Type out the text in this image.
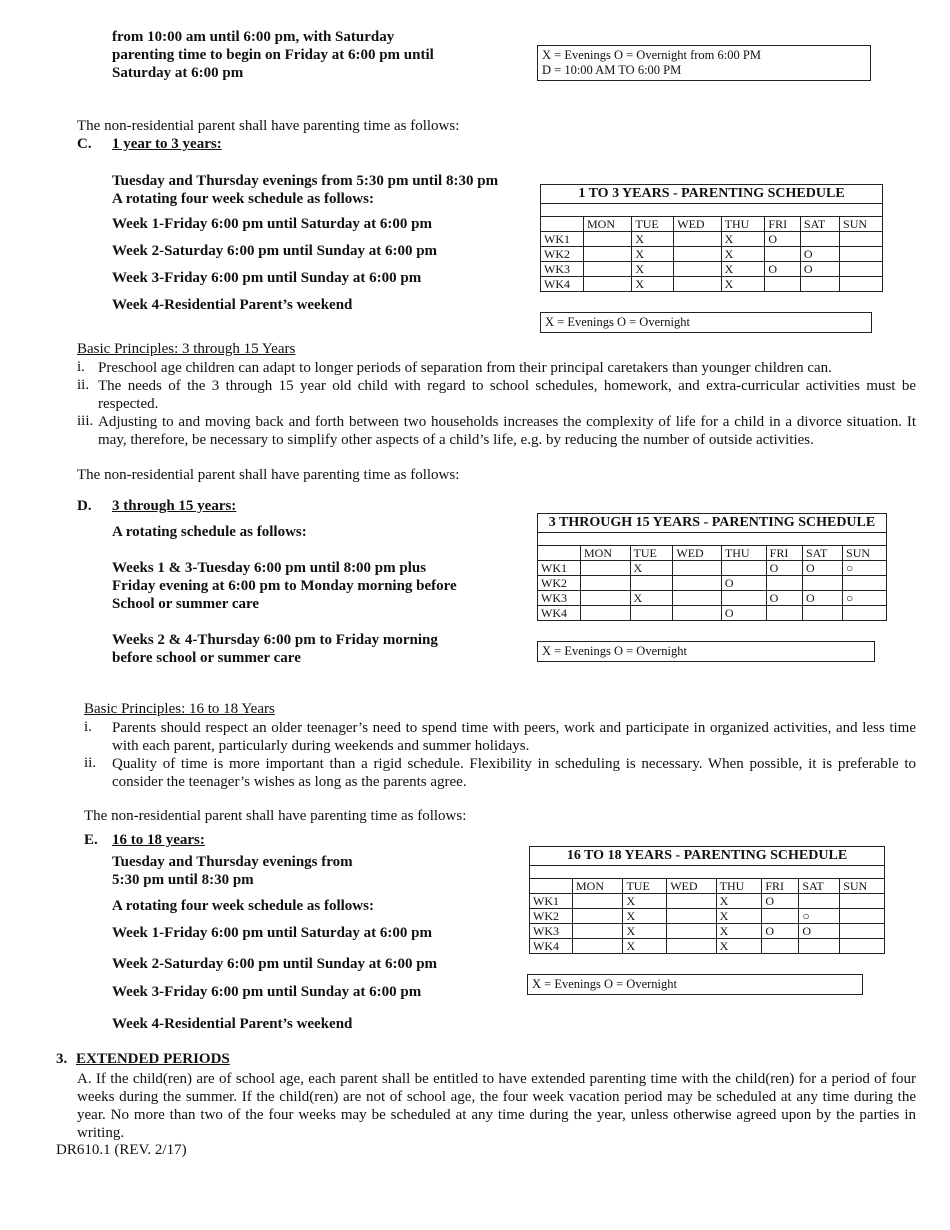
from 10:00 am until 6:00 pm, with Saturday
parenting time to begin on Friday at 6:00 pm until
Saturday at 6:00 pm
X = Evenings O = Overnight from 6:00 PM
D = 10:00 AM TO 6:00 PM
The non-residential parent shall have parenting time as follows:
C. 1 year to 3 years:
Tuesday and Thursday evenings from 5:30 pm until 8:30 pm
A rotating four week schedule as follows:
Week 1-Friday 6:00 pm until Saturday at 6:00 pm
Week 2-Saturday 6:00 pm until Sunday at 6:00 pm
Week 3-Friday 6:00 pm until Sunday at 6:00 pm
Week 4-Residential Parent’s weekend
1 TO 3 YEARS - PARENTING SCHEDULE							

	MON	TUE	WED	THU	FRI	SAT	SUN
WK1		X		X	O		
WK2		X		X		O	
WK3		X		X	O	O	
WK4		X		X			
X = Evenings O = Overnight
Basic Principles: 3 through 15 Years
i. Preschool age children can adapt to longer periods of separation from their principal caretakers than younger children can.
ii. The needs of the 3 through 15 year old child with regard to school schedules, homework, and extra-curricular activities must be respected.
iii. Adjusting to and moving back and forth between two households increases the complexity of life for a child in a divorce situation. It may, therefore, be necessary to simplify other aspects of a child’s life, e.g. by reducing the number of outside activities.
The non-residential parent shall have parenting time as follows:
D. 3 through 15 years:
A rotating schedule as follows:
Weeks 1 & 3-Tuesday 6:00 pm until 8:00 pm plus
Friday evening at 6:00 pm to Monday morning before
School or summer care
Weeks 2 & 4-Thursday 6:00 pm to Friday morning
before school or summer care
3 THROUGH 15 YEARS - PARENTING SCHEDULE							

	MON	TUE	WED	THU	FRI	SAT	SUN
WK1		X			O	O	○
WK2				O			
WK3		X			O	O	○
WK4				O			
X = Evenings O = Overnight
Basic Principles: 16 to 18 Years
i. Parents should respect an older teenager’s need to spend time with peers, work and participate in organized activities, and less time with each parent, particularly during weekends and summer holidays.
ii. Quality of time is more important than a rigid schedule. Flexibility in scheduling is necessary. When possible, it is preferable to consider the teenager’s wishes as long as the parents agree.
The non-residential parent shall have parenting time as follows:
E. 16 to 18 years:
Tuesday and Thursday evenings from
5:30 pm until 8:30 pm
A rotating four week schedule as follows:
Week 1-Friday 6:00 pm until Saturday at 6:00 pm
Week 2-Saturday 6:00 pm until Sunday at 6:00 pm
Week 3-Friday 6:00 pm until Sunday at 6:00 pm
Week 4-Residential Parent’s weekend
16 TO 18 YEARS - PARENTING SCHEDULE							

	MON	TUE	WED	THU	FRI	SAT	SUN
WK1		X		X	O		
WK2		X		X		○	
WK3		X		X	O	O	
WK4		X		X			
X = Evenings O = Overnight
3. EXTENDED PERIODS
A. If the child(ren) are of school age, each parent shall be entitled to have extended parenting time with the child(ren) for a period of four weeks during the summer. If the child(ren) are not of school age, the four week vacation period may be scheduled at any time during the year. No more than two of the four weeks may be scheduled at any time during the year, unless otherwise agreed upon by the parties in writing.
DR610.1 (REV. 2/17)
